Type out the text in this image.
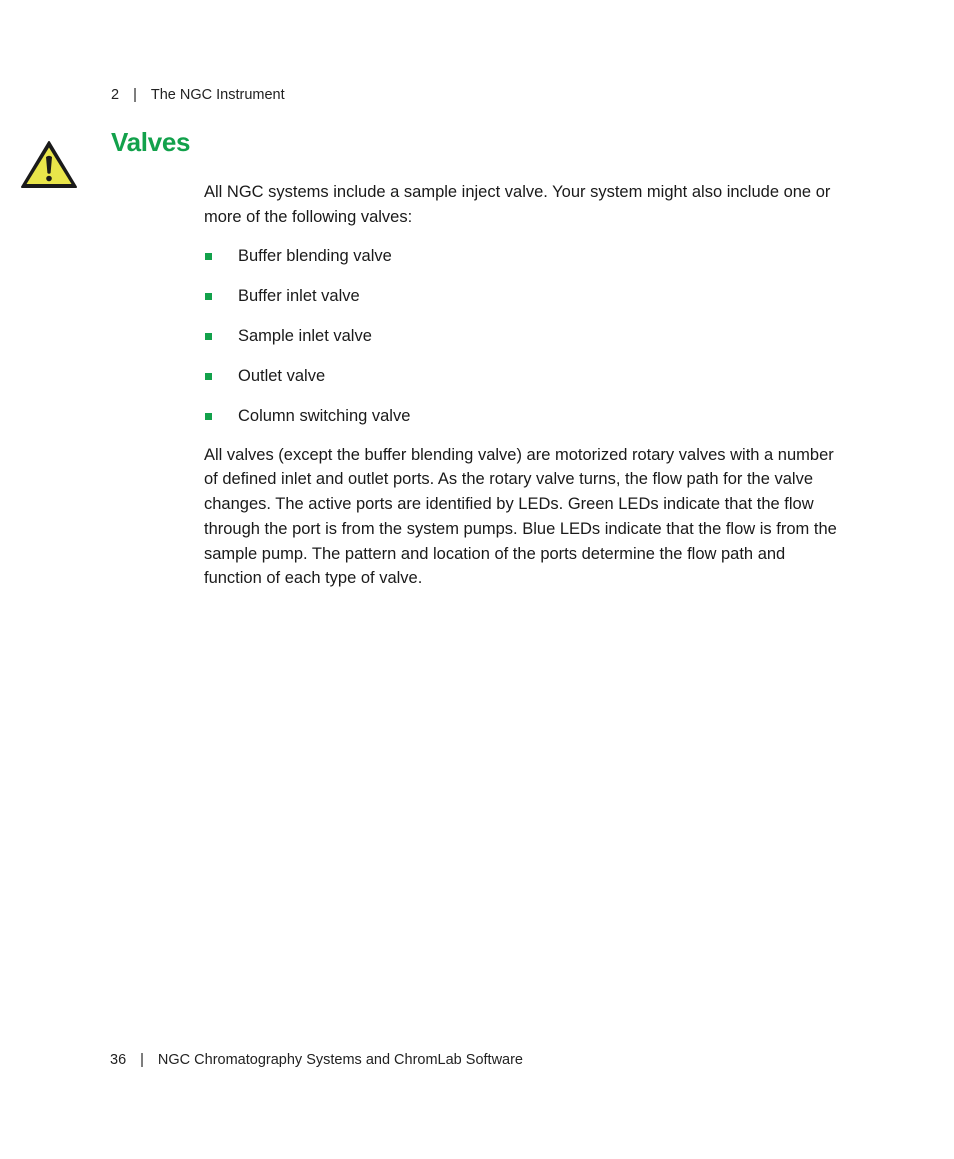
2 | The NGC Instrument
Valves

All NGC systems include a sample inject valve. Your system might also include one or more of the following valves:

Buffer blending valve
Buffer inlet valve
Sample inlet valve
Outlet valve
Column switching valve

All valves (except the buffer blending valve) are motorized rotary valves with a number of defined inlet and outlet ports. As the rotary valve turns, the flow path for the valve changes. The active ports are identified by LEDs. Green LEDs indicate that the flow through the port is from the system pumps. Blue LEDs indicate that the flow is from the sample pump. The pattern and location of the ports determine the flow path and function of each type of valve.

36 | NGC Chromatography Systems and ChromLab Software
